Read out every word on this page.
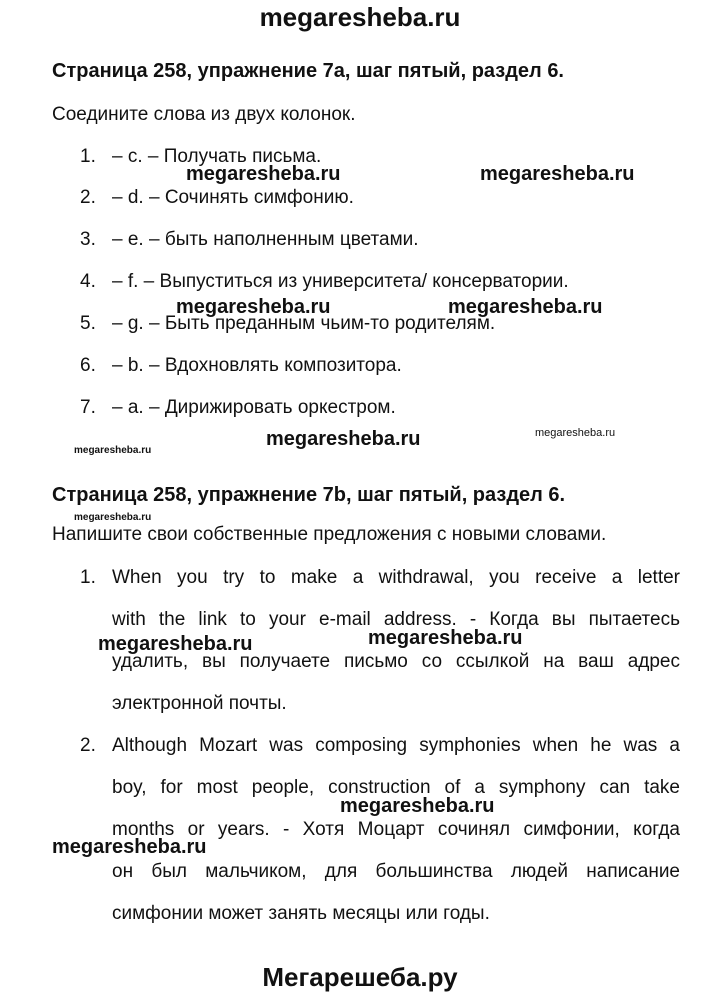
megaresheba.ru
Страница 258, упражнение 7a, шаг пятый, раздел 6.
Соедините слова из двух колонок.
1. – c. – Получать письма.
2. – d. – Сочинять симфонию.
3. – e. – быть наполненным цветами.
4. – f. – Выпуститься из университета/ консерватории.
5. – g. – Быть преданным чьим-то родителям.
6. – b. – Вдохновлять композитора.
7. – a. – Дирижировать оркестром.
Страница 258, упражнение 7b, шаг пятый, раздел 6.
Напишите свои собственные предложения с новыми словами.
1. When you try to make a withdrawal, you receive a letter
with the link to your e-mail address. - Когда вы пытаетесь
удалить, вы получаете письмо со ссылкой на ваш адрес
электронной почты.
2. Although Mozart was composing symphonies when he was a
boy, for most people, construction of a symphony can take
months or years. - Хотя Моцарт сочинял симфонии, когда
он был мальчиком, для большинства людей написание
симфонии может занять месяцы или годы.
megaresheba.ru	megaresheba.ru
megaresheba.ru	megaresheba.ru
megaresheba.ru
megaresheba.ru
megaresheba.ru
megaresheba.ru
megaresheba.ru	megaresheba.ru
megaresheba.ru
megaresheba.ru
Мегарешеба.ру
